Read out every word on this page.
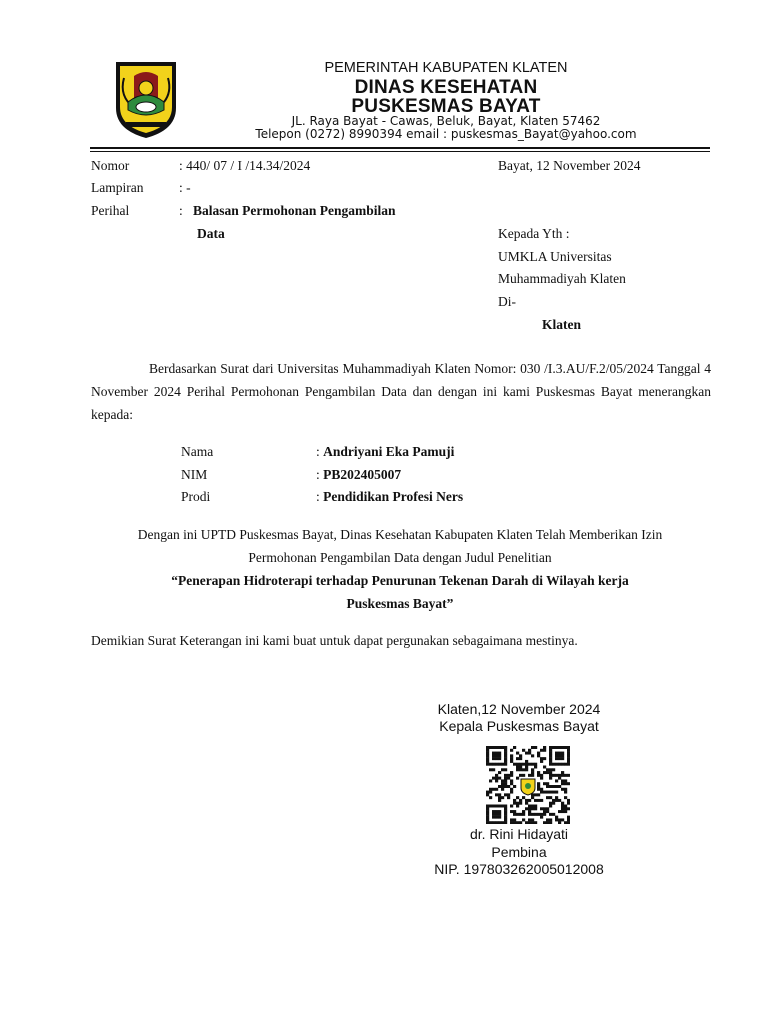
PEMERINTAH KABUPATEN KLATEN
DINAS KESEHATAN
PUSKESMAS BAYAT
JL. Raya Bayat - Cawas, Beluk, Bayat, Klaten 57462
Telepon (0272) 8990394 email : puskesmas_Bayat@yahoo.com
Nomor	: 440/ 07 / I /14.34/2024	Bayat, 12 November 2024
Lampiran	: -
Perihal	: Balasan Permohonan Pengambilan
Data	Kepada Yth :
UMKLA Universitas
Muhammadiyah Klaten
Di-
Klaten

Berdasarkan Surat dari Universitas Muhammadiyah Klaten Nomor: 030 /I.3.AU/F.2/05/2024 Tanggal 4 November 2024 Perihal Permohonan Pengambilan Data dan dengan ini kami Puskesmas Bayat menerangkan kepada:

Nama	: Andriyani Eka Pamuji
NIM	: PB202405007
Prodi	: Pendidikan Profesi Ners
Dengan ini UPTD Puskesmas Bayat, Dinas Kesehatan Kabupaten Klaten Telah Memberikan Izin
Permohonan Pengambilan Data dengan Judul Penelitian
“Penerapan Hidroterapi terhadap Penurunan Tekenan Darah di Wilayah kerja
Puskesmas Bayat”
Demikian Surat Keterangan ini kami buat untuk dapat pergunakan sebagaimana mestinya.
Klaten,12 November 2024
Kepala Puskesmas Bayat
dr. Rini Hidayati
Pembina
NIP. 197803262005012008
